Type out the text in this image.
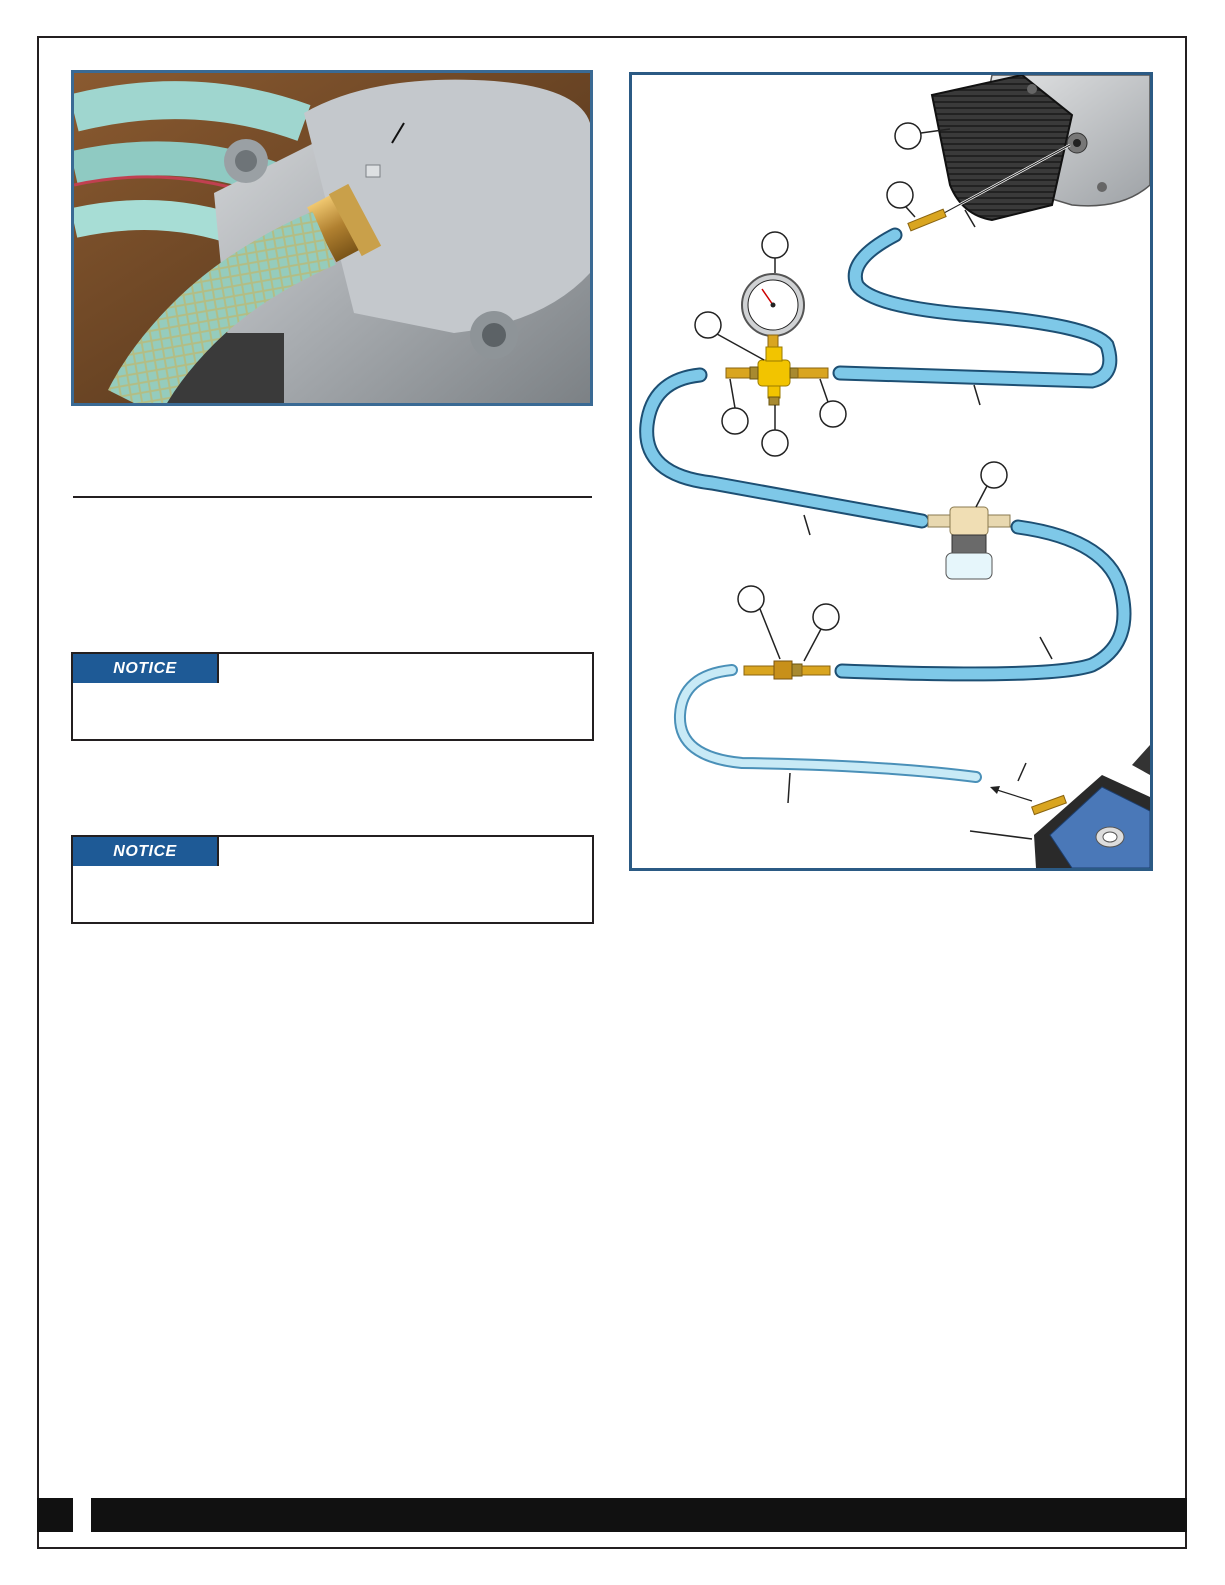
NOTICE
NOTICE
